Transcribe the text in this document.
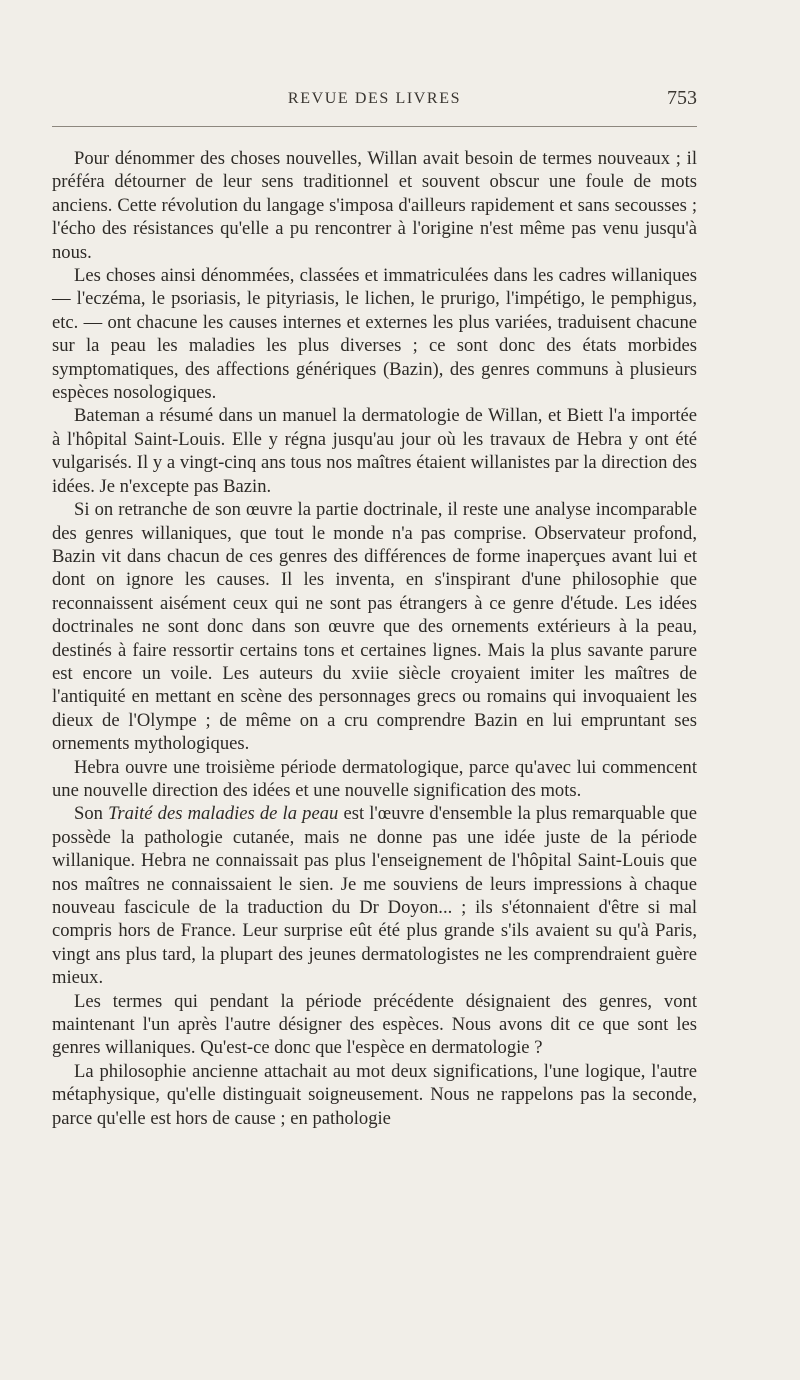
REVUE DES LIVRES	753

Pour dénommer des choses nouvelles, Willan avait besoin de termes nouveaux ; il préféra détourner de leur sens traditionnel et souvent obscur une foule de mots anciens. Cette révolution du langage s'imposa d'ailleurs rapidement et sans secousses ; l'écho des résistances qu'elle a pu rencontrer à l'origine n'est même pas venu jusqu'à nous.

Les choses ainsi dénommées, classées et immatriculées dans les cadres willaniques — l'eczéma, le psoriasis, le pityriasis, le lichen, le prurigo, l'impétigo, le pemphigus, etc. — ont chacune les causes internes et externes les plus variées, traduisent chacune sur la peau les maladies les plus diverses ; ce sont donc des états morbides symptomatiques, des affections génériques (Bazin), des genres communs à plusieurs espèces nosologiques.

Bateman a résumé dans un manuel la dermatologie de Willan, et Biett l'a importée à l'hôpital Saint-Louis. Elle y régna jusqu'au jour où les travaux de Hebra y ont été vulgarisés. Il y a vingt-cinq ans tous nos maîtres étaient willanistes par la direction des idées. Je n'excepte pas Bazin.

Si on retranche de son œuvre la partie doctrinale, il reste une analyse incomparable des genres willaniques, que tout le monde n'a pas comprise. Observateur profond, Bazin vit dans chacun de ces genres des différences de forme inaperçues avant lui et dont on ignore les causes. Il les inventa, en s'inspirant d'une philosophie que reconnaissent aisément ceux qui ne sont pas étrangers à ce genre d'étude. Les idées doctrinales ne sont donc dans son œuvre que des ornements extérieurs à la peau, destinés à faire ressortir certains tons et certaines lignes. Mais la plus savante parure est encore un voile. Les auteurs du xviie siècle croyaient imiter les maîtres de l'antiquité en mettant en scène des personnages grecs ou romains qui invoquaient les dieux de l'Olympe ; de même on a cru comprendre Bazin en lui empruntant ses ornements mythologiques.

Hebra ouvre une troisième période dermatologique, parce qu'avec lui commencent une nouvelle direction des idées et une nouvelle signification des mots.

Son Traité des maladies de la peau est l'œuvre d'ensemble la plus remarquable que possède la pathologie cutanée, mais ne donne pas une idée juste de la période willanique. Hebra ne connaissait pas plus l'enseignement de l'hôpital Saint-Louis que nos maîtres ne connaissaient le sien. Je me souviens de leurs impressions à chaque nouveau fascicule de la traduction du Dr Doyon... ; ils s'étonnaient d'être si mal compris hors de France. Leur surprise eût été plus grande s'ils avaient su qu'à Paris, vingt ans plus tard, la plupart des jeunes dermatologistes ne les comprendraient guère mieux.

Les termes qui pendant la période précédente désignaient des genres, vont maintenant l'un après l'autre désigner des espèces. Nous avons dit ce que sont les genres willaniques. Qu'est-ce donc que l'espèce en dermatologie ?

La philosophie ancienne attachait au mot deux significations, l'une logique, l'autre métaphysique, qu'elle distinguait soigneusement. Nous ne rappelons pas la seconde, parce qu'elle est hors de cause ; en pathologie
